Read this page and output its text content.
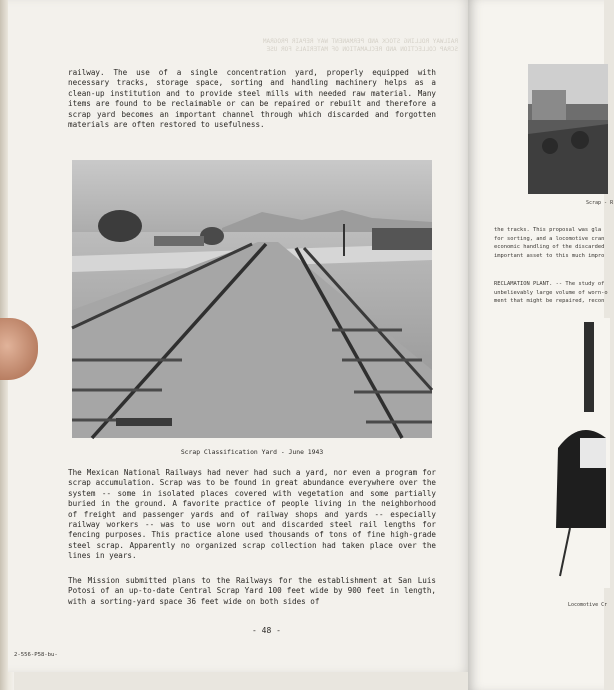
RAILWAY ROLLING STOCK AND PERMANENT WAY REPAIR PROGRAM
SCRAP COLLECTION AND RECLAMATION OF MATERIALS FOR USE

railway. The use of a single concentration yard, properly equipped with necessary tracks, storage space, sorting and handling machinery helps as a clean-up institution and to provide steel mills with needed raw material. Many items are found to be reclaimable or can be repaired or rebuilt and therefore a scrap yard becomes an important channel through which discarded and forgotten materials are often restored to usefulness.

Scrap Classification Yard - June 1943

The Mexican National Railways had never had such a yard, nor even a program for scrap accumulation. Scrap was to be found in great abundance everywhere over the system -- some in isolated places covered with vegetation and some partially buried in the ground. A favorite practice of people living in the neighborhood of freight and passenger yards and of railway shops and yards -- especially railway workers -- was to use worn out and discarded steel rail lengths for fencing purposes. This practice alone used thousands of tons of fine high-grade steel scrap. Apparently no organized scrap collection had taken place over the lines in years.

The Mission submitted plans to the Railways for the establishment at San Luis Potosi of an up-to-date Central Scrap Yard 100 feet wide by 900 feet in length, with a sorting-yard space 36 feet wide on both sides of

- 48 -
2-556-P58-bu-
Scrap - R
the tracks. This proposal was gla
for sorting, and a locomotive cran
economic handling of the discarded
important asset to this much impro
RECLAMATION PLANT. -- The study of
unbelievably large volume of worn-o
ment that might be repaired, recon
Locomotive Cr
